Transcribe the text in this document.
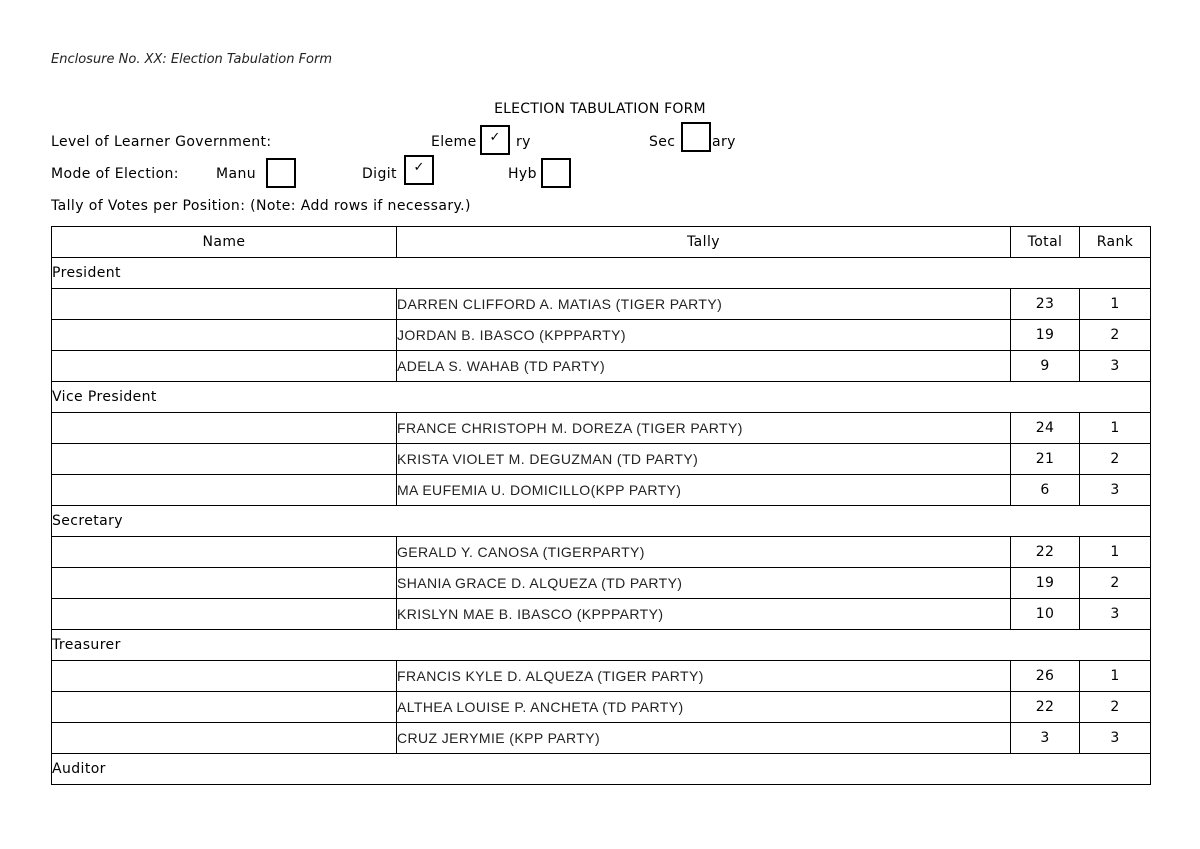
Enclosure No. XX: Election Tabulation Form
ELECTION TABULATION FORM
Level of Learner Government:	Eleme	ry
✓	Sec	ary
Mode of Election:	Manu	Digit	✓	Hyb
Tally of Votes per Position: (Note: Add rows if necessary.)
Name	Tally	Total	Rank
President			
	DARREN CLIFFORD A. MATIAS (TIGER PARTY)	23	1
	JORDAN B. IBASCO (KPPPARTY)	19	2
	ADELA S. WAHAB (TD PARTY)	9	3
Vice President			
	FRANCE CHRISTOPH M. DOREZA (TIGER PARTY)	24	1
	KRISTA VIOLET M. DEGUZMAN (TD PARTY)	21	2
	MA EUFEMIA U. DOMICILLO(KPP PARTY)	6	3
Secretary			
	GERALD Y. CANOSA (TIGERPARTY)	22	1
	SHANIA GRACE D. ALQUEZA (TD PARTY)	19	2
	KRISLYN MAE B. IBASCO (KPPPARTY)	10	3
Treasurer			
	FRANCIS KYLE D. ALQUEZA (TIGER PARTY)	26	1
	ALTHEA LOUISE P. ANCHETA (TD PARTY)	22	2
	CRUZ JERYMIE (KPP PARTY)	3	3
Auditor			
